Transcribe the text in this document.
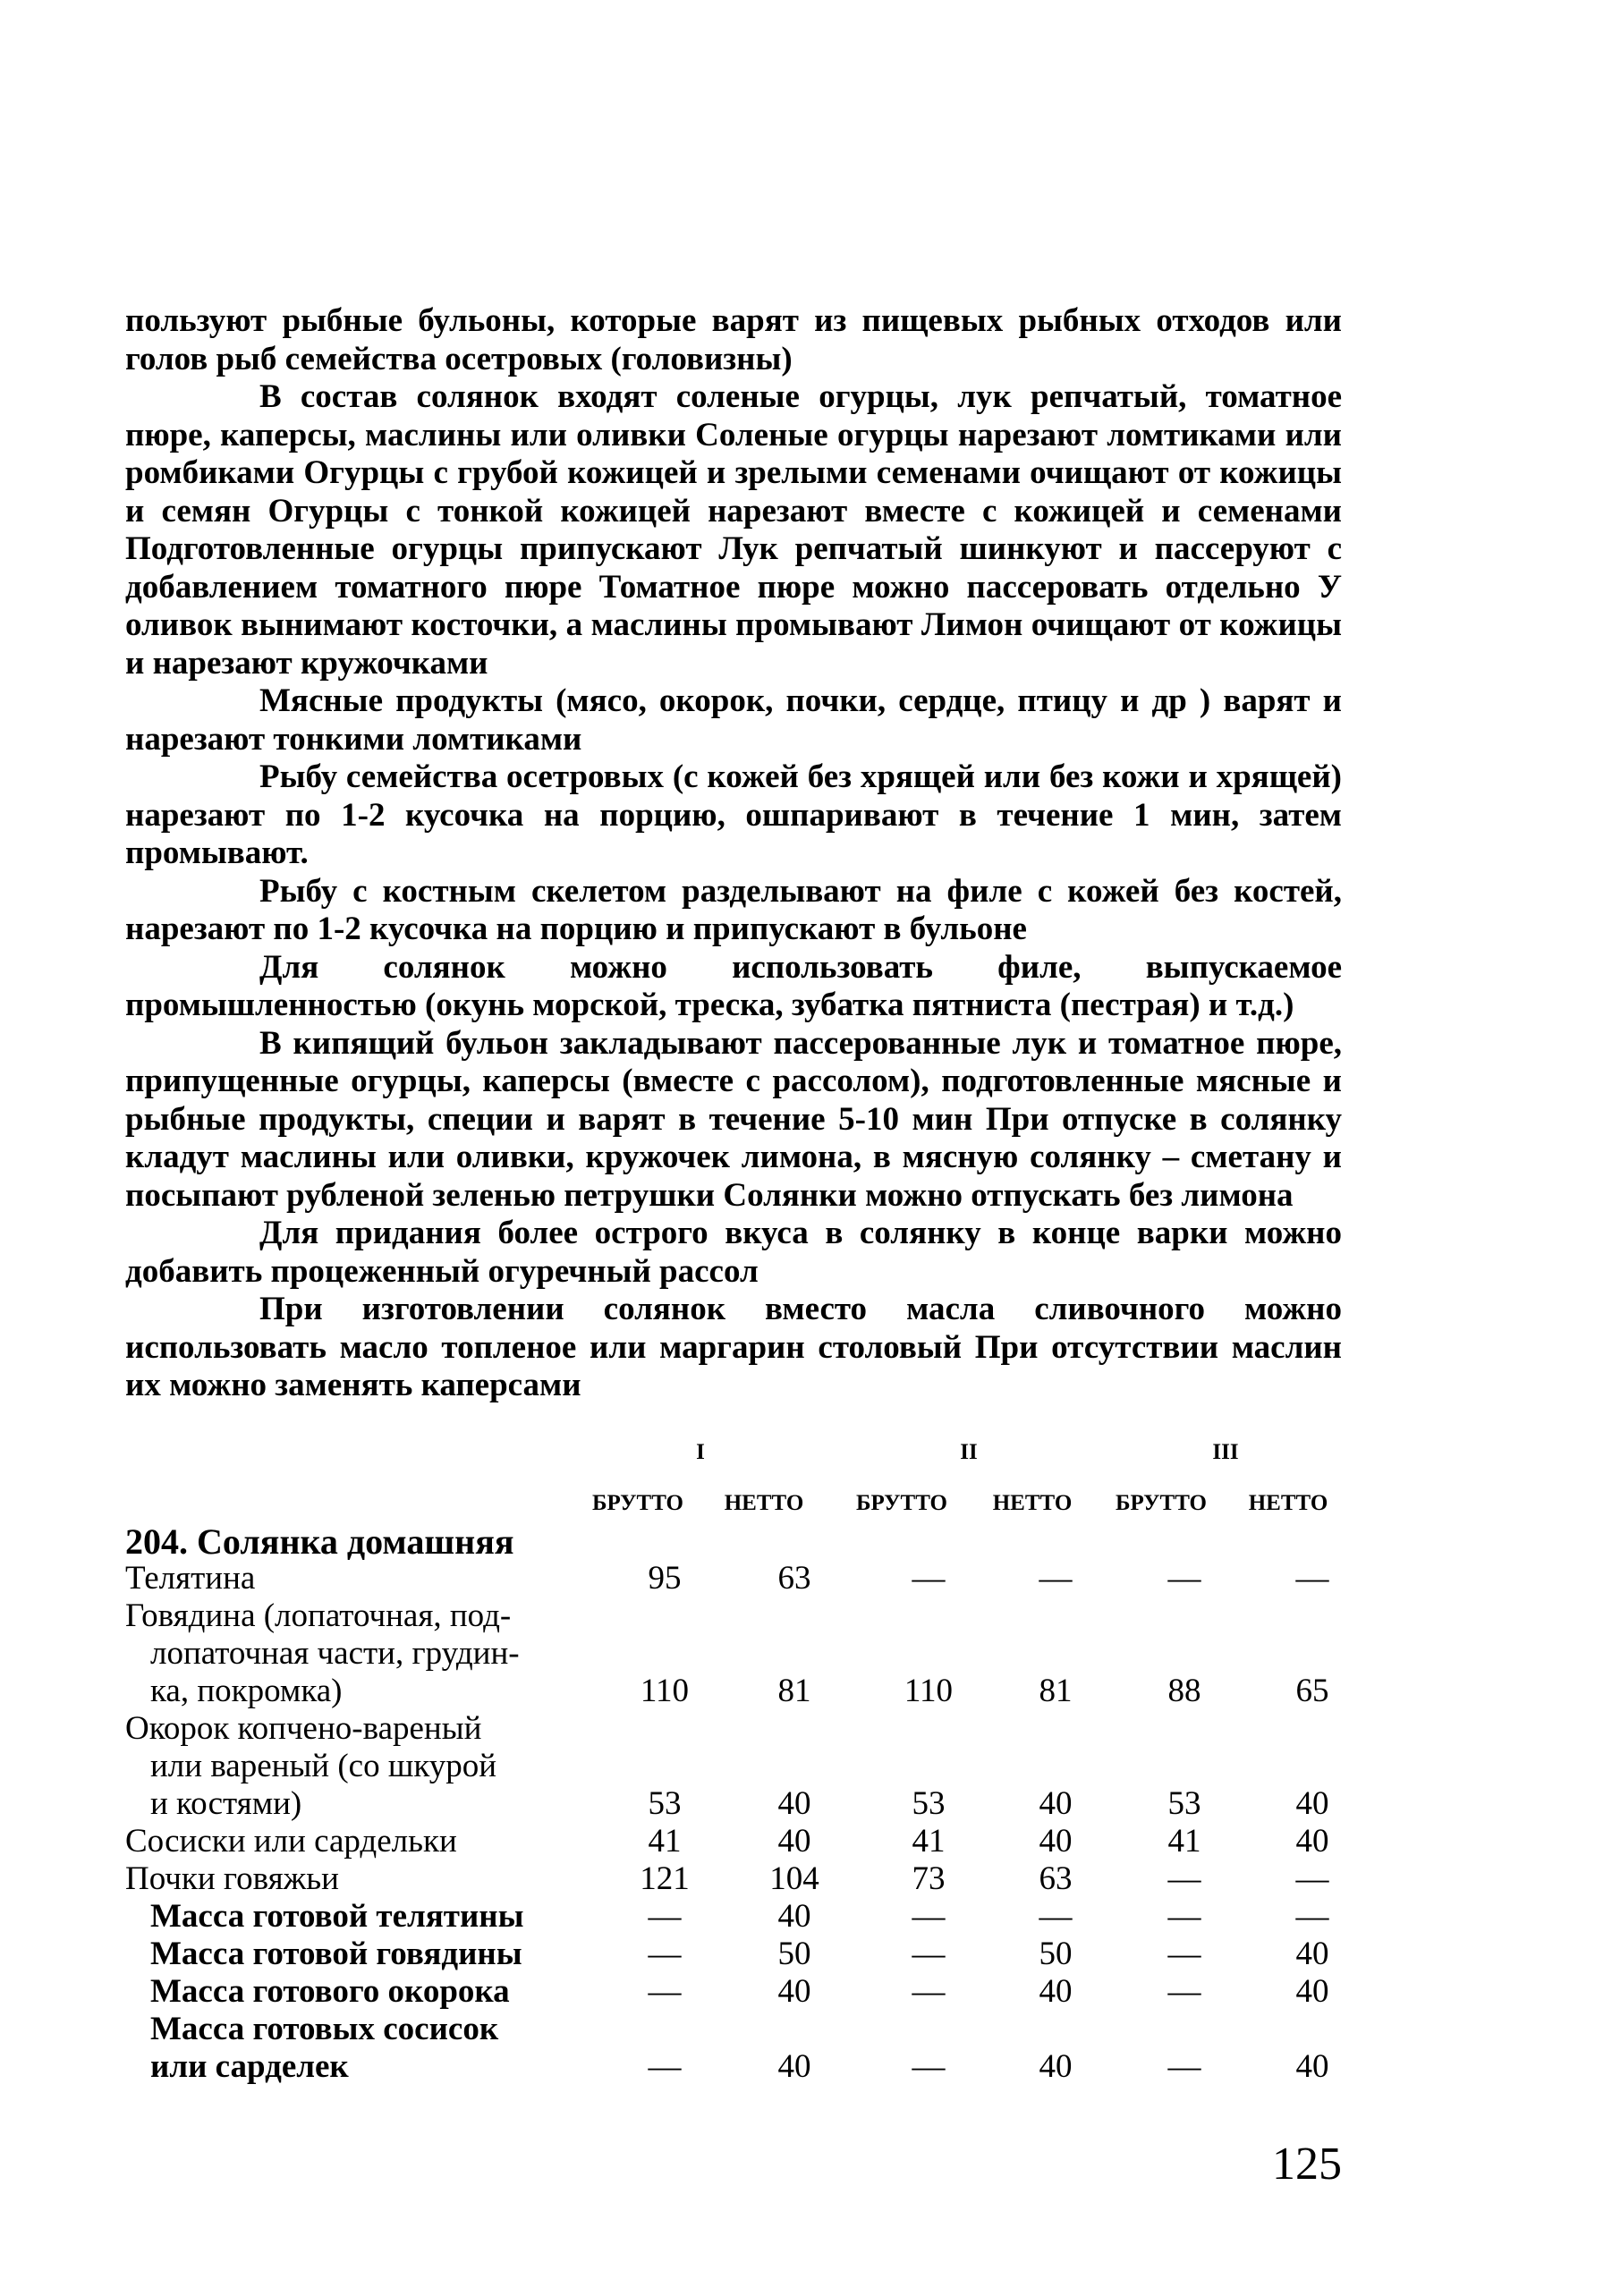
пользуют рыбные бульоны, которые варят из пищевых рыбных отходов или голов рыб семейства осетровых (головизны)

В состав солянок входят соленые огурцы, лук репчатый, томатное пюре, каперсы, маслины или оливки Соленые огурцы нарезают ломтиками или ромбиками Огурцы с грубой кожицей и зрелыми семенами очищают от кожицы и семян Огурцы с тонкой кожицей нарезают вместе с кожицей и семенами Подготовленные огурцы припускают Лук репчатый шинкуют и пассеруют с добавлением томатного пюре Томатное пюре можно пассеровать отдельно У оливок вынимают косточки, а маслины промывают Лимон очищают от кожицы и нарезают кружочками

Мясные продукты (мясо, окорок, почки, сердце, птицу и др ) варят и нарезают тонкими ломтиками

Рыбу семейства осетровых (с кожей без хрящей или без кожи и хрящей) нарезают по 1-2 кусочка на порцию, ошпаривают в течение 1 мин, затем промывают.

Рыбу с костным скелетом разделывают на филе с кожей без костей, нарезают по 1-2 кусочка на порцию и припускают в бульоне

Для солянок можно использовать филе, выпускаемое промышленностью (окунь морской, треска, зубатка пятниста (пестрая) и т.д.)

В кипящий бульон закладывают пассерованные лук и томатное пюре, припущенные огурцы, каперсы (вместе с рассолом), подготовленные мясные и рыбные продукты, специи и варят в течение 5-10 мин При отпуске в солянку кладут маслины или оливки, кружочек лимона, в мясную солянку – сметану и посыпают рубленой зеленью петрушки Солянки можно отпускать без лимона

Для придания более острого вкуса в солянку в конце варки можно добавить процеженный огуречный рассол

При изготовлении солянок вместо масла сливочного можно использовать масло топленое или маргарин столовый При отсутствии маслин их можно заменять каперсами

I	II	III
БРУТТО	НЕТТО	БРУТТО	НЕТТО	БРУТТО	НЕТТО
204. Солянка домашняя
Телятина	95	63	—	—	—	—
Говядина (лопаточная, под-
лопаточная части, грудин-
ка, покромка)	110	81	110	81	88	65
Окорок копчено-вареный
или вареный (со шкурой
и костями)	53	40	53	40	53	40
Сосиски или сардельки	41	40	41	40	41	40
Почки говяжьи	121	104	73	63	—	—
Масса готовой телятины	—	40	—	—	—	—
Масса готовой говядины	—	50	—	50	—	40
Масса готового окорока	—	40	—	40	—	40
Масса готовых сосисок
или сарделек	—	40	—	40	—	40
125
